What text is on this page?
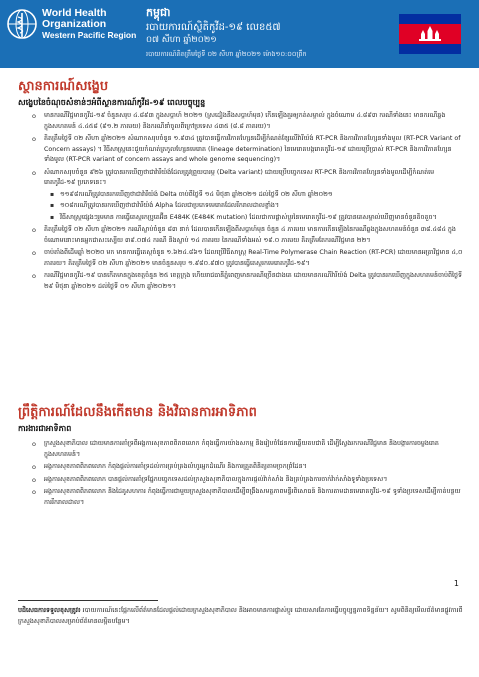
World Health
Organization
Western Pacific Region
កម្ពុជា
របាយការណ៍ស្ថិតិកូវីដ-១៩ លេខ៥៧
០៧ សីហា ឆ្នាំ២០២១
របាយការណ៍គិតត្រឹមថ្ងៃទី ០២ សីហា ឆ្នាំ២០២១ ម៉ោង១០:០០ព្រឹក
ស្ថានការណ៍សង្ខេប
សង្ខេបនៃចំណុចសំខាន់ៗអំពីស្ថានការណ៍កូវីដ-១៩ ពេលបច្ចុប្បន្ន
o មានករណីវិជ្ជមានកូវីដ-១៩ ចំនួនសរុប ៤.៨៩៣ ក្នុងសប្ដាហ៍ ២០២១ (ស្រដៀងនឹងសប្ដាហ៍មុន) កើនឡើងគួរឲ្យកត់សម្គាល់ ក្នុងចំណោម ៤.៨៩៣ ករណីទាំងនេះ មានករណីឆ្លងក្នុងសហគមន៍ ៤.៤៥៨ (៩១.២ ភាគរយ) និងករណីនាំចូលពីក្រៅប្រទេស ៤៣៥ (៨.៨ ភាគរយ)។
o គិតត្រឹមថ្ងៃទី ០២ សីហា ឆ្នាំ២០២១ សំណាកសរុបចំនួន ១.៩៣៤ ត្រូវបានធ្វើការវិភាគហ្សែនដើម្បីកំណត់ខ្សែលើវ៉ារីយ៉ង់ RT-PCR និងការវិភាគហ្សែនទាំងមូល (RT-PCR Variant of Concern assays) ។ វិធីសាស្ត្រនេះជួយកំណត់ត្រកូលហ្សែនមេរោគ (lineage determination) នៃមេរោគបង្ករោគកូវីដ-១៩ ដោយប្រើប្រាស់ RT-PCR និងការវិភាគហ្សែនទាំងមូល (RT-PCR variant of concern assays and whole genome sequencing)។
o សំណាកសរុបចំនួន ៩២៦ ត្រូវបានរកឃើញថាជាវ៉ារីយ៉ង់ដែលត្រូវព្រួយបារម្ភ (Delta variant) ដោយប្រើបច្ចេកទេស RT-PCR និងការវិភាគហ្សែនទាំងមូលដើម្បីកំណត់មេរោគកូវីដ-១៩ ប្រភេទនេះ។
▪ ១១៩៨ករណីត្រូវបានរកឃើញថាជាវ៉ារីយ៉ង់ Delta ចាប់ពីថ្ងៃទី ១៤ មិថុនា ឆ្នាំ២០២១ ដល់ថ្ងៃទី ០២ សីហា ឆ្នាំ២០២១
▪ ១០៨ករណីត្រូវបានរកឃើញថាជាវ៉ារីយ៉ង់ Alpha ដែលជាប្រភេទមេរោគដែលរីករាលដាលខ្លាំង។
▪ វិធីសាស្ត្រផ្សេងៗរួមមាន ការធ្វើតេស្តរកប្រូតេអ៊ីន E484K (E484K mutation) ដែលជាការផ្លាស់ប្តូរនៃមេរោគកូវីដ-១៩ ត្រូវបានគេសម្គាល់ឃើញមានចំនួនតិចតួច។
o គិតត្រឹមថ្ងៃទី ០២ សីហា ឆ្នាំ២០២១ ករណីស្លាប់ចំនួន ៨៣ នាក់ ដែលបានកើនឡើងពីសប្ដាហ៍មុន ចំនួន ៤ ភាគរយ មានការកើនឡើងនៃករណីឆ្លងក្នុងសហគមន៍ចំនួន ៣៨.៤៨៤ ក្នុងចំណោមនោះមានអ្នកជាសះស្បើយ ៣៩.០៧៤ ករណី និងស្លាប់ ១៤ ភាគរយ នៃករណីទាំងអស់ ១៩.០ ភាគរយ គិតត្រឹមតែករណីវិជ្ជមាន ២២។
o ចាប់តាំងពីដើមឆ្នាំ ២០២០ មក មានការធ្វើតេស្តចំនួន ១.៦២៤.៨៦១ ដែលប្រើវិធីសាស្ត្រ Real-Time Polymerase Chain Reaction (RT-PCR) ដោយមានអត្រាវិជ្ជមាន ៤,០ ភាគរយ។ គិតត្រឹមថ្ងៃទី ០២ សីហា ឆ្នាំ២០២១ មានចំនួនសរុប ១.៩៨០.៩៧០ ត្រូវបានធ្វើតេស្តរកមេរោគកូវីដ-១៩។
o ករណីវិជ្ជមានកូវីដ-១៩ បានកើតមានក្នុងខេត្តចំនួន ២៥ ខេត្តក្រុង ហើយរាជធានីភ្នំពេញមានករណីច្រើនជាងគេ ដោយមានករណីវ៉ារីយ៉ង់ Delta ត្រូវបានរកឃើញក្នុងសហគមន៍ចាប់ពីថ្ងៃទី ២៩ មិថុនា ឆ្នាំ២០២១ ដល់ថ្ងៃទី ០១ សីហា ឆ្នាំ២០២១។
ព្រឹត្តិការណ៍ដែលនឹងកើតមាន និងវិធានការអាទិភាព
ការងារជាអាទិភាព
o ក្រសួងសុខាភិបាល ដោយមានការគាំទ្រពីអង្គការសុខភាពពិភពលោក កំពុងធ្វើការយ៉ាងសកម្ម និងរៀបចំផែនការឆ្លើយតបជាតិ ដើម្បីស្វែងរកករណីវិជ្ជមាន និងបង្ការការចម្លងរោគក្នុងសហគមន៍។
o អង្គការសុខភាពពិភពលោក កំពុងផ្តល់ការគាំទ្រដល់ការគ្រប់គ្រងលំហូរអ្នកដំណើរ និងការត្រួតពិនិត្យតាមច្រកព្រំដែន។
o អង្គការសុខភាពពិភពលោក បានផ្តល់ការគាំទ្រផ្នែកបច្ចេកទេសដល់ក្រសួងសុខាភិបាលក្នុងការផ្តល់វ៉ាក់សាំង និងគ្រប់គ្រងការចាក់វ៉ាក់សាំងទូទាំងប្រទេស។
o អង្គការសុខភាពពិភពលោក និងដៃគូសហការ កំពុងធ្វើការជាមួយក្រសួងសុខាភិបាលដើម្បីពង្រឹងសមត្ថភាពមន្ទីរពិសោធន៍ និងការតាមដានមេរោគកូវីដ-១៩ ទូទាំងប្រទេសដើម្បីកាត់បន្ថយការរីករាលដាល។
1
បដិសេធការទទួលខុសត្រូវ៖ របាយការណ៍នេះផ្អែកលើព័ត៌មានដែលផ្តល់ដោយក្រសួងសុខាភិបាល និងអាចមានការផ្លាស់ប្តូរ ដោយសារតែការធ្វើបច្ចុប្បន្នភាពទិន្នន័យ។ សូមពិនិត្យមើលព័ត៌មានផ្លូវការពីក្រសួងសុខាភិបាលសម្រាប់ព័ត៌មានលម្អិតបន្ថែម។
